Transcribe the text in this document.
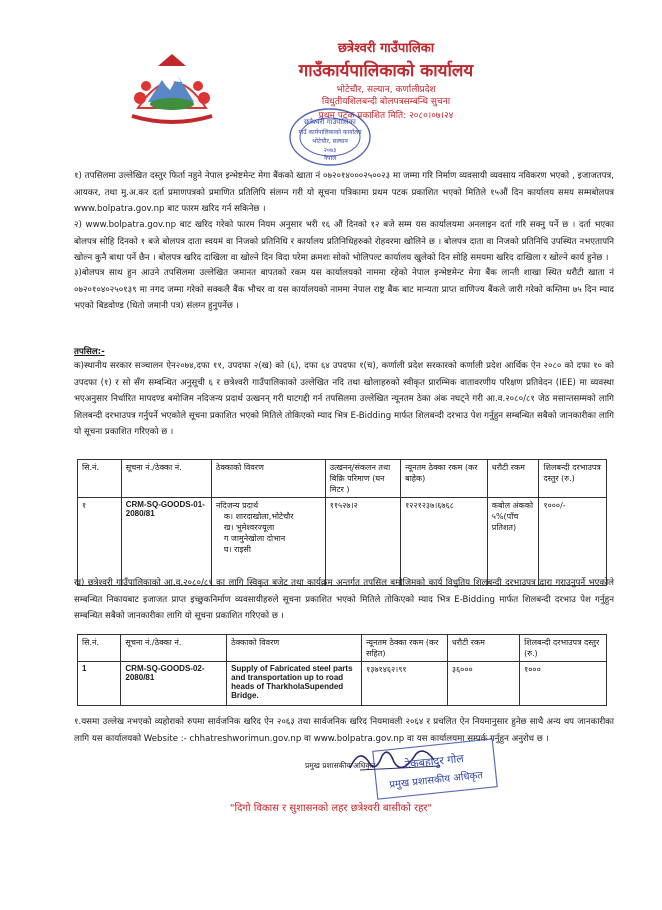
छत्रेश्वरी गाउँपालिका
गाउँकार्यपालिकाको कार्यालय
भोटेचौर, सल्यान, कर्णालीप्रदेश
विधुतीयशिलबन्दी बोलपत्रसम्बन्धि सुचना
प्रथम पटक प्रकाशित मिति: २०८०।०७।२४
छत्रेश्वरी गाउँपालिका
गाउँ कार्यपालिकाको कार्यालय
भोटेचौर, सल्यान
२०७३
नेपाल
१) तपसिलमा उल्लेखित दस्तुर फिर्ता नहुने नेपाल इन्भेष्टमेन्ट मेगा बैंकको खाता नं ०७२०१४०००२५००२३ मा जम्मा गरि निर्माण व्यवसायी व्यवसाय नविकरण भएको , इजाजतपत्र, आयकर, तथा मु.अ.कर दर्ता प्रमाणपत्रको प्रमाणित प्रतिलिपि संलग्न गरी यो सूचना पत्रिकामा प्रथम पटक प्रकाशित भएको मितिले १५औं दिन कार्यालय समय सम्मबोलपत्र www.bolpatra.gov.np बाट फारम खरिद गर्न सकिनेछ ।
२) www.bolpatra.gov.np बाट खरिद गरेको फारम नियम अनुसार भरी १६ औं दिनको १२ बजे सम्म यस कार्यालयमा अनलाइन दर्ता गरि सक्नु पर्ने छ । दर्ता भएका बोलपत्र सोहि दिनको १ बजे बोलपत्र दाता स्वयमं वा निजको प्रतिनिधि र कार्यालय प्रतिनिधिहरुको रोहवरमा खोलिने छ । बोलपत्र दाता वा निजको प्रतिनिधि उपस्थित नभएतापनि खोल्न कुनै बाधा पर्ने छैन । बोलपत्र खरिद दाखिला वा खोल्ने दिन विदा परेमा क्रमशः सोको भोलिपल्ट कार्यालय खुलेको दिन सोहि समयमा खरिद दाखिला र खोल्ने कार्य हुनेछ ।
३)बोलपत्र साथ हुन आउने तपसिलमा उल्लेखित जमानत बापतको रकम यस कार्यालयको नाममा रहेको नेपाल इन्भेष्टमेन्ट मेगा बैंक लान्ती शाखा स्थित धरौटी खाता नं ०७२०१०४०२५०१३९ मा नगद जम्मा गरेको सक्कलै बैंक भौचर वा यस कार्यालयको नाममा नेपाल राष्ट्र बैंक बाट मान्यता प्राप्त वाणिज्य बैंकले जारी गरेको कम्तिमा ७५ दिन म्याद भएको बिडवोण्ड (धितो जमानी पत्र) संलग्न हुनुपर्नेछ ।
तपसिल:-
क)स्थानीय सरकार सञ्चालन ऐन२०७४,दफा ११, उपदफा २(ख) को (६), दफा ६४ उपदफा १(च), कर्णाली प्रदेश सरकारको कर्णाली प्रदेश आर्थिक ऐन २०८० को दफा १० को उपदफा (१) र सो सँग सम्बन्धित अनुसूची ६ र छत्रेश्वरी गाउँपालिकाको उल्लेखित नदि तथा खोलाहरुको स्वीकृत प्रारम्भिक वातावरणीय परिक्षण प्रतिवेदन (IEE) मा व्यवस्था भएअनुसार निर्धारित मापदण्ड बमोजिम नदिजन्य प्रदार्थ उत्खनन् गरी घाटगद्दी गर्न तपसिलमा उल्लेखित न्यूनतम ठेका अंक नघट्ने गरी आ.व.२०८०/८१ जेठ मसान्तसम्मको लागि शिलबन्दी दरभाउपत्र गर्नुपर्ने भएकोले सूचना प्रकाशित भएको मितिले तोकिएको म्याद भित्र E-Bidding मार्फत शिलबन्दी दरभाउ पेश गर्नुहुन सम्बन्धित सबैको जानकारीका लागि यो सूचना प्रकाशित गरिएको छ ।
सि.नं.	सूचना नं./ठेक्का नं.	ठेक्काको विवरण	उत्खनन्/संकलन तथा बिक्रि परिमाण (घन मिटर )	न्यूनतम ठेक्का रकम (कर बाहेक)	धरौटी रकम	शिलबन्दी दरभाउपत्र दस्तुर (रु.)
१	CRM-SQ-GOODS-01-2080/81	नदिजन्य प्रदार्थ
क। शारदाखोला,भोटेचौर
ख। भुमेश्वरज्यूला
ग जामुनेखोला दोभान
घ। राइसी	११५२७।२	१२२१२३७।६७६८	कबोल अंकको ५%(पाँच प्रतिशत)	१०००/-
ख) छत्रेश्वरी गाउँपालिकाको आ.व.२०८०/८१ का लागि स्विकृत बजेट तथा कार्यक्रम अन्तर्गत तपसिल बमोजिमको कार्य विधुतिय शिलबन्दी दरभाउपत्र द्वारा गराउनुपर्ने भएकोले सम्बन्धित निकायबाट इजाजत प्राप्त इच्छुकनिर्माण व्यवसायीहरुले सूचना प्रकाशित भएको मितिले तोकिएको म्याद भित्र E-Bidding मार्फत शिलबन्दी दरभाउ पेश गर्नुहुन सम्बन्धित सबैको जानकारीका लागि यो सूचना प्रकाशित गरिएको छ ।
सि.नं.	सूचना नं./ठेक्का नं.	ठेक्काको विवरण	न्यूनतम ठेक्का रकम (कर सहित)	धरौटी रकम	शिलबन्दी दरभाउपत्र दस्तुर (रु.)
1	CRM-SQ-GOODS-02-2080/81	Supply of Fabricated steel parts and transportation up to road heads of TharkholaSupended Bridge.	१३७१४६२।९१	३६०००	१०००
१.यसमा उल्लेख नभएको व्यहोराको रुपमा सार्वजनिक खरिद ऐन २०६३ तथा सार्वजनिक खरिद नियमावली २०६४ र प्रचलित ऐन नियमानुसार हुनेछ साथै अन्य थप जानकारीका लागि यस कार्यालयको Website :- chhatreshworimun.gov.np वा www.bolpatra.gov.np वा यस कार्यालयमा सम्पर्क गर्नुहुन अनुरोध छ ।
प्रमुख प्रशासकीय अधिकृत	टेकबहादुर गोल
प्रमुख प्रशासकीय अधिकृत
"दिगो विकास र सुशासनको लहर छत्रेश्वरी बासीको रहर"
